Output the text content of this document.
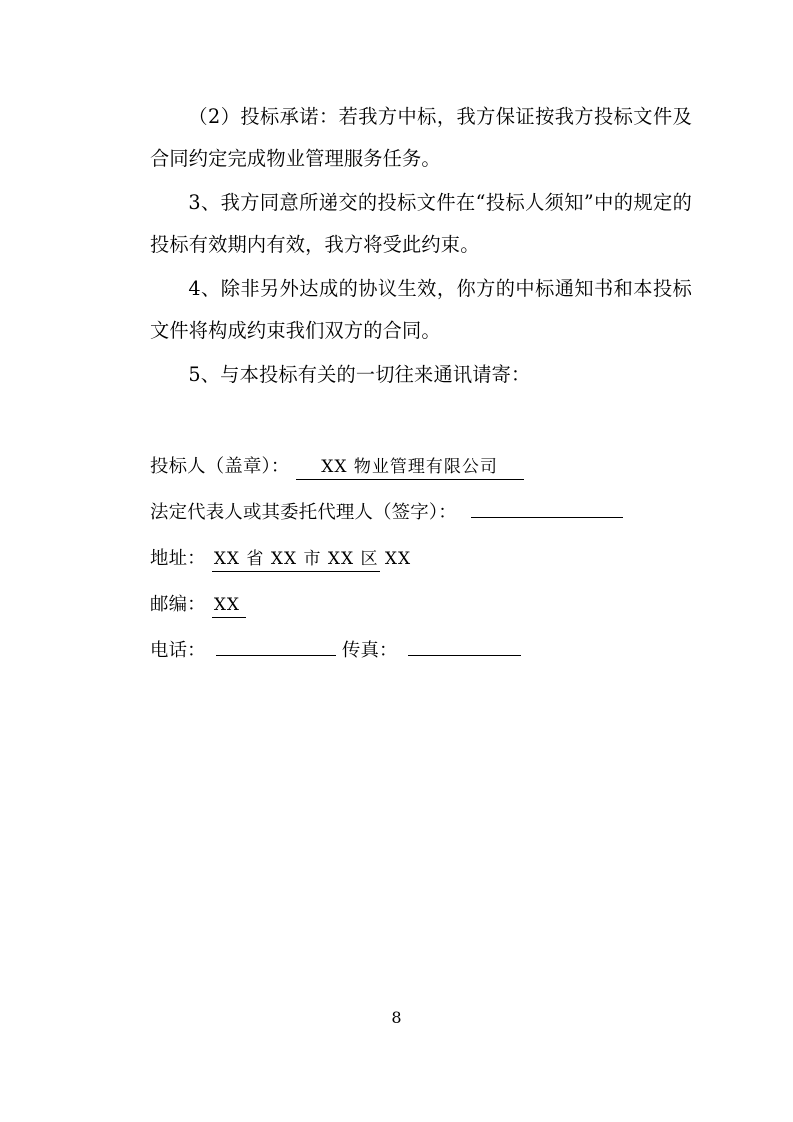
（2）投标承诺：若我方中标，我方保证按我方投标文件及合同约定完成物业管理服务任务。

3、我方同意所递交的投标文件在“投标人须知”中的规定的投标有效期内有效，我方将受此约束。

4、除非另外达成的协议生效，你方的中标通知书和本投标文件将构成约束我们双方的合同。

5、与本投标有关的一切往来通讯请寄：

投标人（盖章）： XX 物业管理有限公司
法定代表人或其委托代理人（签字）：
地址： XX 省 XX 市 XX 区 XX
邮编： XX
电话：	传真：
8
